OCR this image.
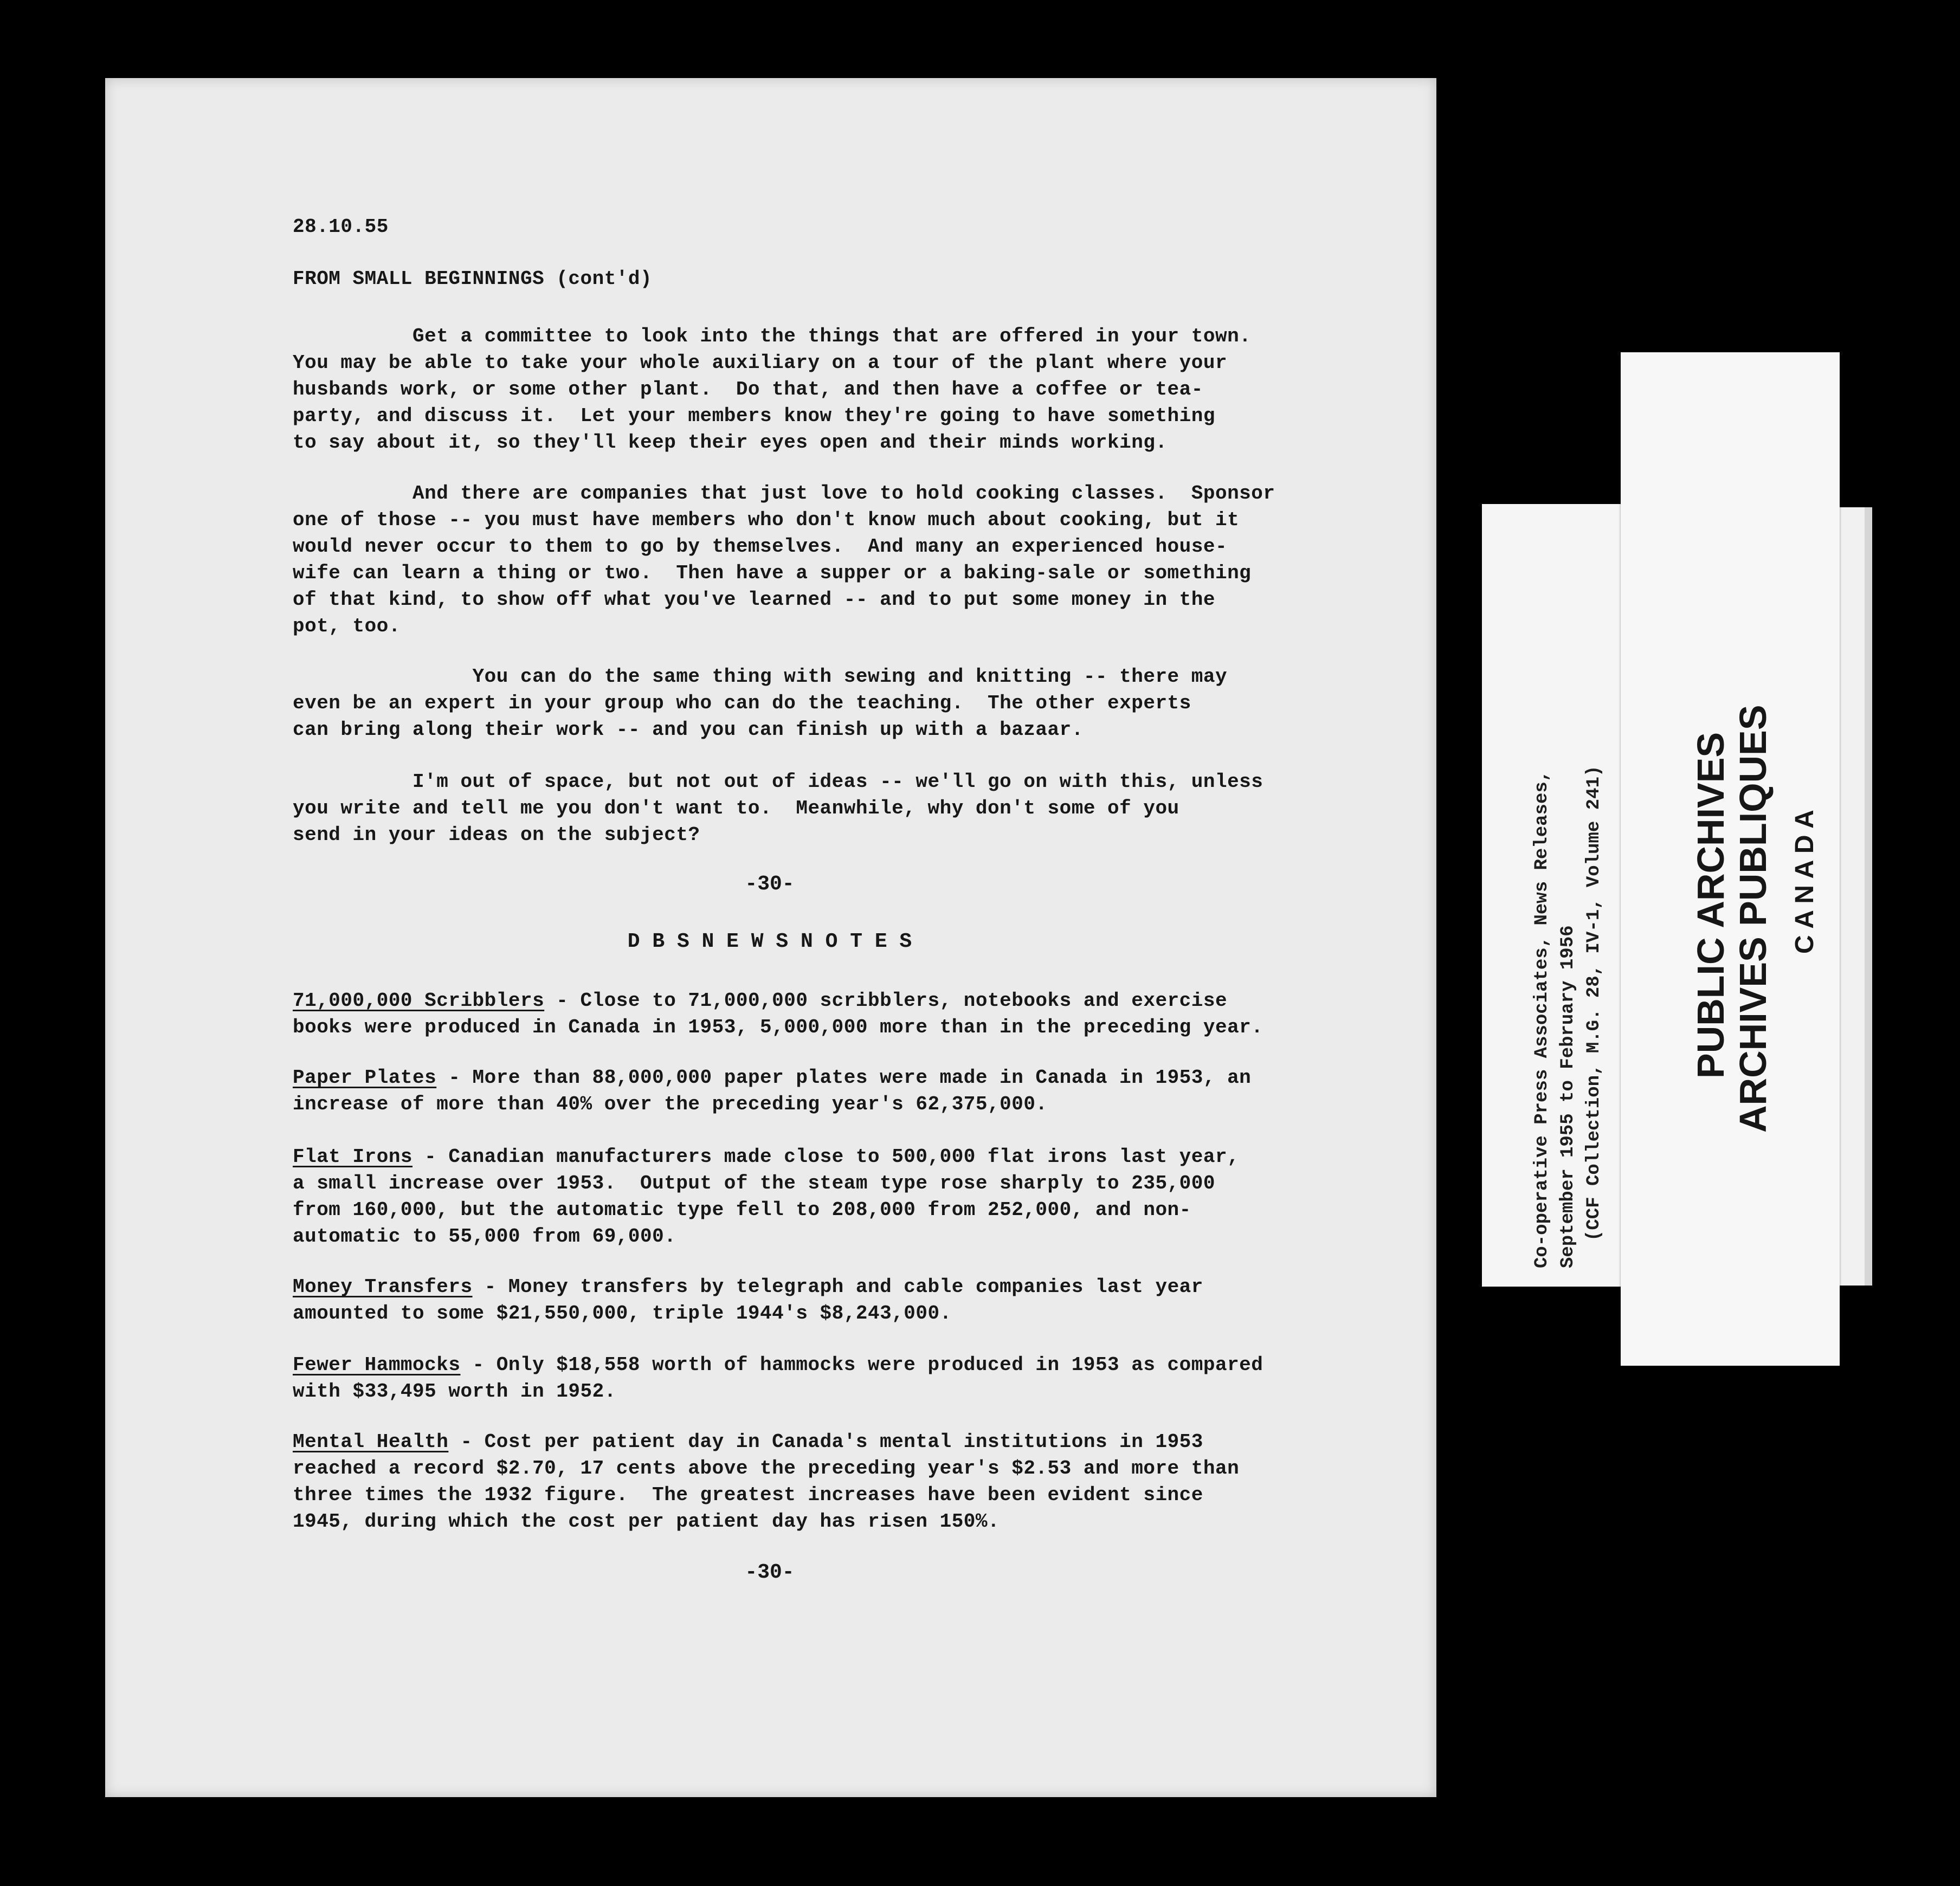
28.10.55
FROM SMALL BEGINNINGS (cont'd)
Get a committee to look into the things that are offered in your town.
You may be able to take your whole auxiliary on a tour of the plant where your
husbands work, or some other plant.  Do that, and then have a coffee or tea-
party, and discuss it.  Let your members know they're going to have something
to say about it, so they'll keep their eyes open and their minds working.
And there are companies that just love to hold cooking classes.  Sponsor
one of those -- you must have members who don't know much about cooking, but it
would never occur to them to go by themselves.  And many an experienced house-
wife can learn a thing or two.  Then have a supper or a baking-sale or something
of that kind, to show off what you've learned -- and to put some money in the
pot, too.
You can do the same thing with sewing and knitting -- there may
even be an expert in your group who can do the teaching.  The other experts
can bring along their work -- and you can finish up with a bazaar.
I'm out of space, but not out of ideas -- we'll go on with this, unless
you write and tell me you don't want to.  Meanwhile, why don't some of you
send in your ideas on the subject?
-30-
D B S N E W S N O T E S
71,000,000 Scribblers - Close to 71,000,000 scribblers, notebooks and exercise
books were produced in Canada in 1953, 5,000,000 more than in the preceding year.
Paper Plates - More than 88,000,000 paper plates were made in Canada in 1953, an
increase of more than 40% over the preceding year's 62,375,000.
Flat Irons - Canadian manufacturers made close to 500,000 flat irons last year,
a small increase over 1953.  Output of the steam type rose sharply to 235,000
from 160,000, but the automatic type fell to 208,000 from 252,000, and non-
automatic to 55,000 from 69,000.
Money Transfers - Money transfers by telegraph and cable companies last year
amounted to some $21,550,000, triple 1944's $8,243,000.
Fewer Hammocks - Only $18,558 worth of hammocks were produced in 1953 as compared
with $33,495 worth in 1952.
Mental Health - Cost per patient day in Canada's mental institutions in 1953
reached a record $2.70, 17 cents above the preceding year's $2.53 and more than
three times the 1932 figure.  The greatest increases have been evident since
1945, during which the cost per patient day has risen 150%.
-30-
Co-operative Press Associates, News Releases, September 1955 to February 1956 (CCF Collection, M.G. 28, IV-1, Volume 241) PUBLIC ARCHIVES ARCHIVES PUBLIQUES C A N A D A
